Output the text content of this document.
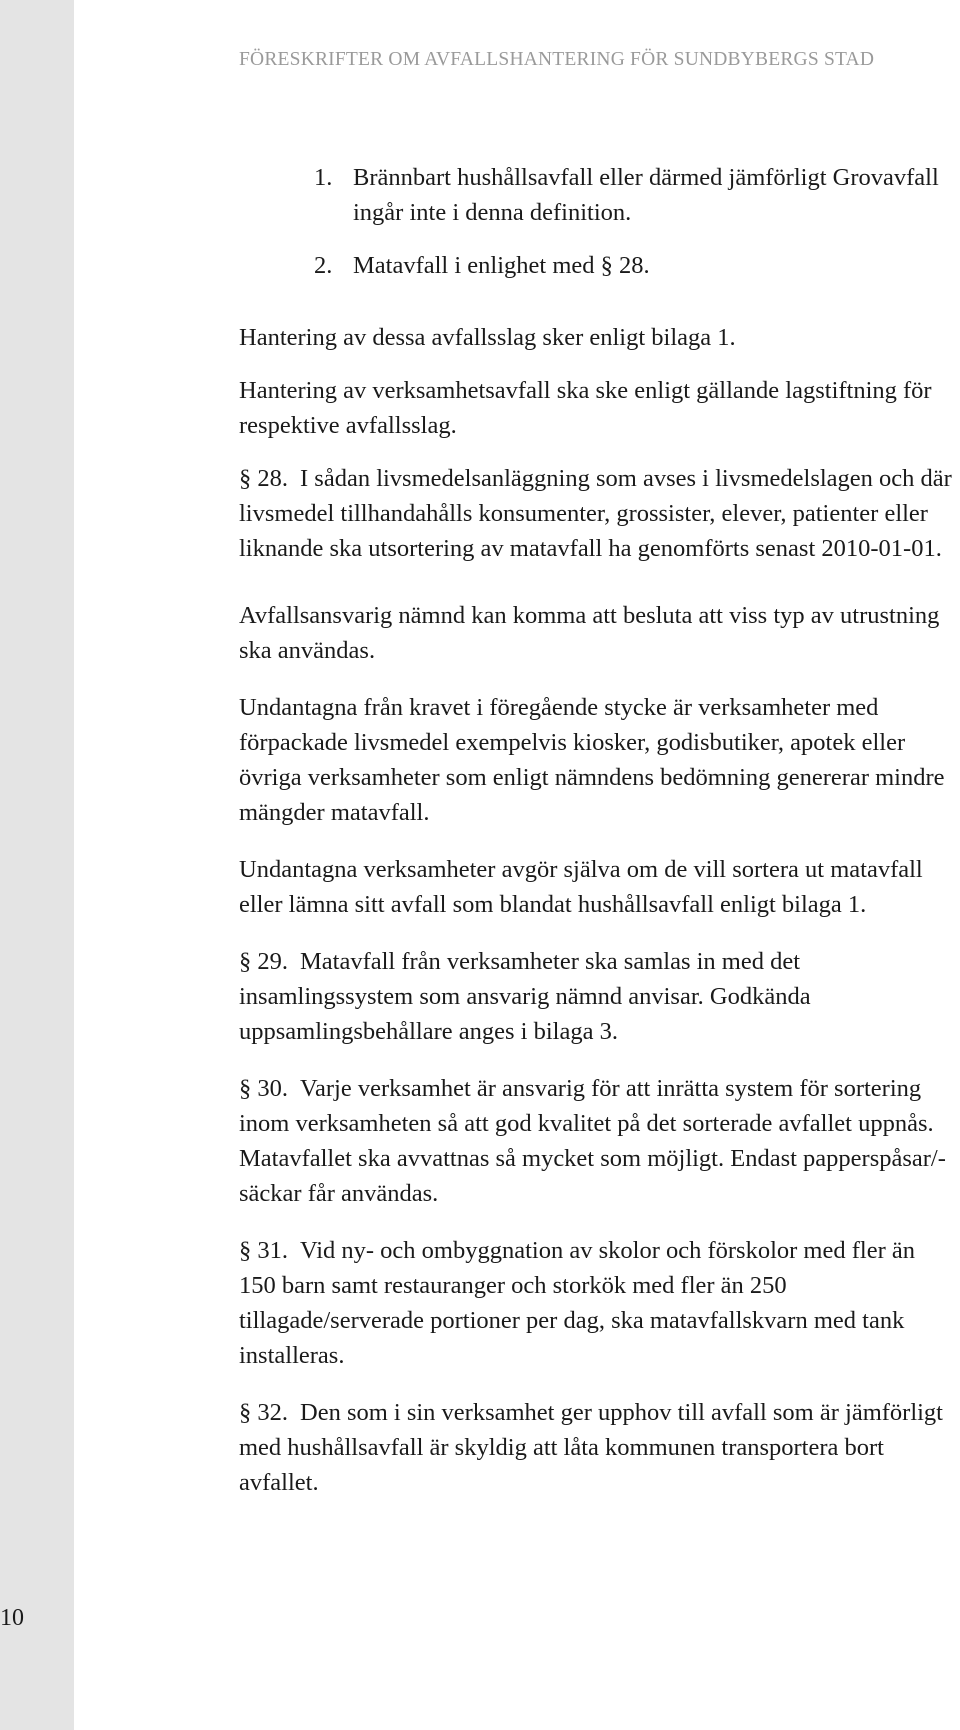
10
FÖRESKRIFTER OM AVFALLSHANTERING FÖR SUNDBYBERGS STAD
1. Brännbart hushållsavfall eller därmed jämförligt Grovavfall ingår inte i denna definition.
2. Matavfall i enlighet med § 28.

Hantering av dessa avfallsslag sker enligt bilaga 1.

Hantering av verksamhetsavfall ska ske enligt gällande lagstiftning för respektive avfallsslag.

§ 28. I sådan livsmedelsanläggning som avses i livsmedelslagen och där livsmedel tillhandahålls konsumenter, grossister, elever, patienter eller liknande ska utsortering av matavfall ha genomförts senast 2010-01-01.

Avfallsansvarig nämnd kan komma att besluta att viss typ av utrustning ska användas.

Undantagna från kravet i föregående stycke är verksamheter med förpackade livsmedel exempelvis kiosker, godisbutiker, apotek eller övriga verksamheter som enligt nämndens bedömning genererar mindre mängder matavfall.

Undantagna verksamheter avgör själva om de vill sortera ut matavfall eller lämna sitt avfall som blandat hushållsavfall enligt bilaga 1.

§ 29. Matavfall från verksamheter ska samlas in med det insamlingssystem som ansvarig nämnd anvisar. Godkända uppsamlingsbehållare anges i bilaga 3.

§ 30. Varje verksamhet är ansvarig för att inrätta system för sortering inom verksamheten så att god kvalitet på det sorterade avfallet uppnås. Matavfallet ska avvattnas så mycket som möjligt. Endast papperspåsar/-säckar får användas.

§ 31. Vid ny- och ombyggnation av skolor och förskolor med fler än 150 barn samt restauranger och storkök med fler än 250 tillagade/serverade portioner per dag, ska matavfallskvarn med tank installeras.

§ 32. Den som i sin verksamhet ger upphov till avfall som är jämförligt med hushållsavfall är skyldig att låta kommunen transportera bort avfallet.
